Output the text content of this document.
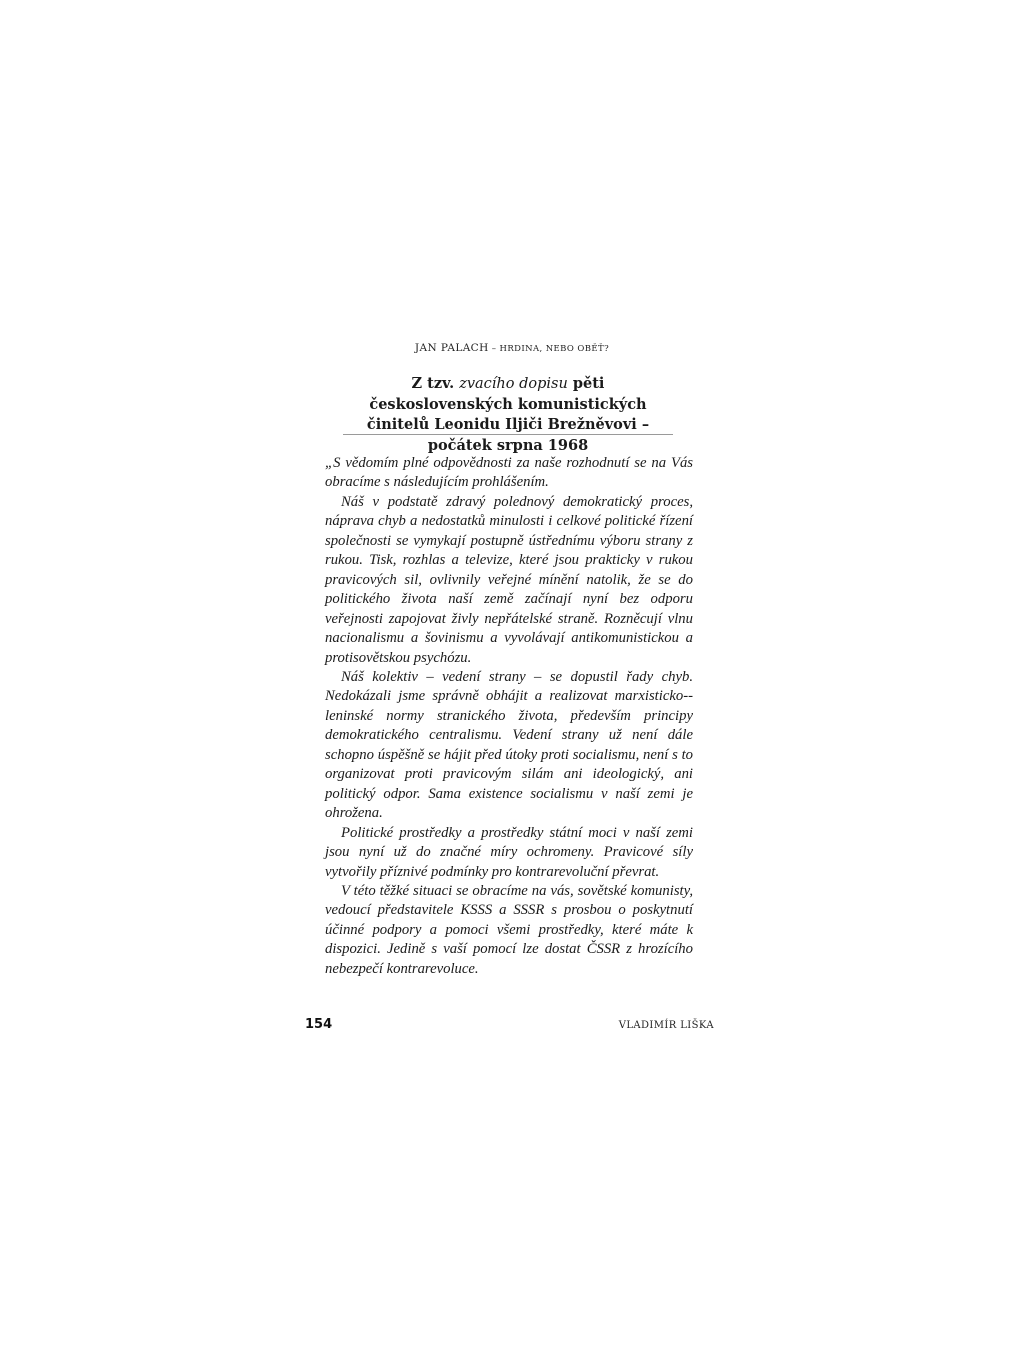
JAN PALACH – HRDINA, NEBO OBĚŤ?
Z tzv. zvacího dopisu pěti československých komunistických činitelů Leonidu Iljiči Brežněvovi – počátek srpna 1968

„S vědomím plné odpovědnosti za naše rozhodnutí se na Vás obracíme s následujícím prohlášením.

Náš v podstatě zdravý polednový demokratický proces, náprava chyb a nedostatků minulosti i celkové politické řízení společnosti se vymykají postupně ústřednímu výboru strany z rukou. Tisk, rozhlas a televize, které jsou prakticky v rukou pravicových sil, ovlivnily veřejné mínění natolik, že se do politického života naší země začínají nyní bez odporu veřejnosti zapojovat živly nepřátelské straně. Rozněcují vlnu nacionalismu a šovinismu a vyvolávají antikomunistickou a protisovětskou psychózu.

Náš kolektiv – vedení strany – se dopustil řady chyb. Nedokázali jsme správně obhájit a realizovat marxisticko--leninské normy stranického života, především principy demokratického centralismu. Vedení strany už není dále schopno úspěšně se hájit před útoky proti socialismu, není s to organizovat proti pravicovým silám ani ideologický, ani politický odpor. Sama existence socialismu v naší zemi je ohrožena.

Politické prostředky a prostředky státní moci v naší zemi jsou nyní už do značné míry ochromeny. Pravicové síly vytvořily příznivé podmínky pro kontrarevoluční převrat.

V této těžké situaci se obracíme na vás, sovětské komunisty, vedoucí představitele KSSS a SSSR s prosbou o poskytnutí účinné podpory a pomoci všemi prostředky, které máte k dispozici. Jedině s vaší pomocí lze dostat ČSSR z hrozícího nebezpečí kontrarevoluce.

154	VLADIMÍR LIŠKA
